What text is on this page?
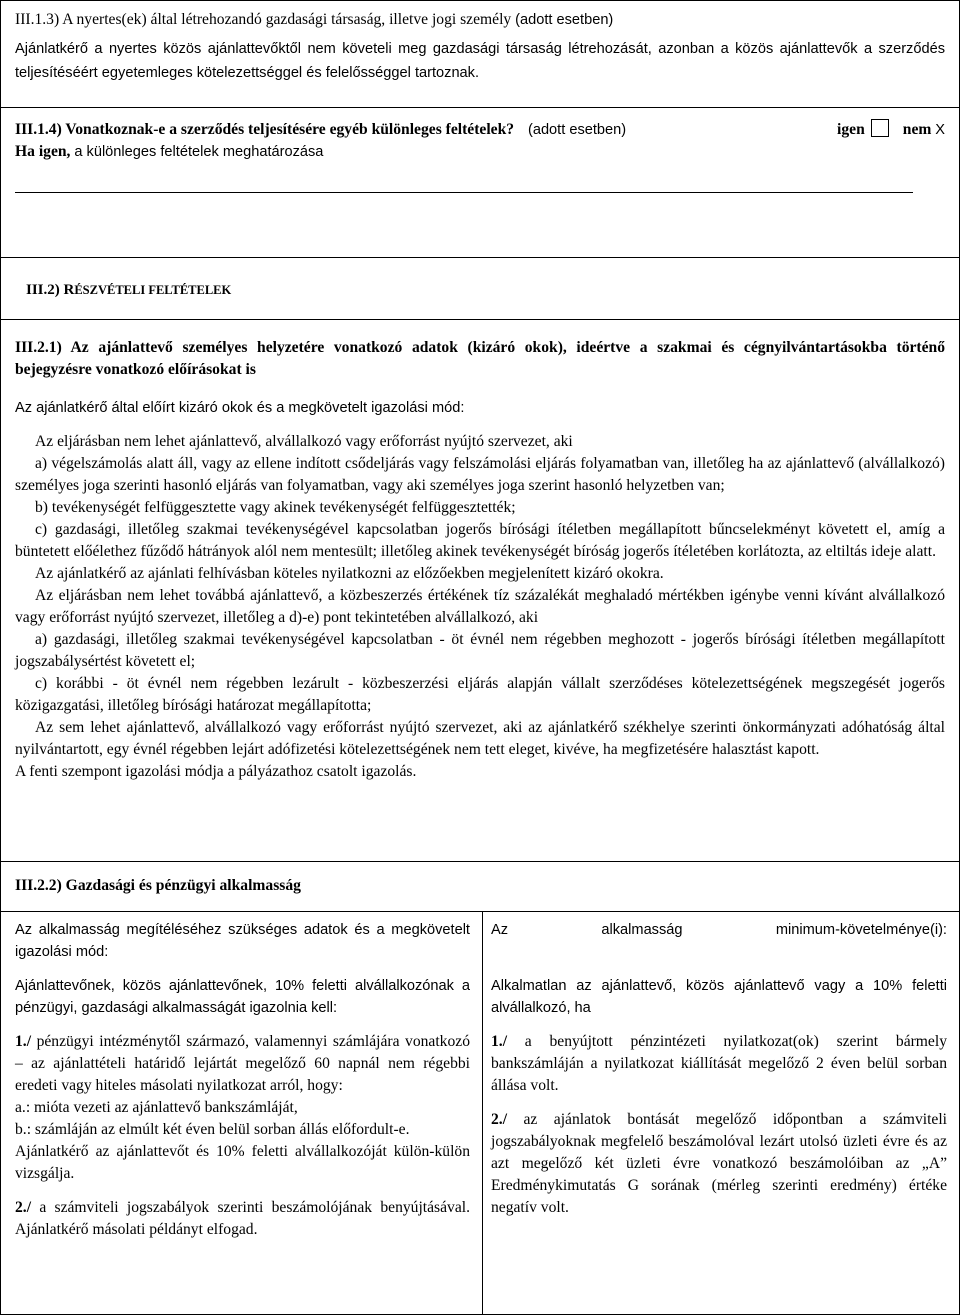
III.1.3) A nyertes(ek) által létrehozandó gazdasági társaság, illetve jogi személy (adott esetben)

Ajánlatkérő a nyertes közös ajánlattevőktől nem követeli meg gazdasági társaság létrehozását, azonban a közös ajánlattevők a szerződés teljesítéséért egyetemleges kötelezettséggel és felelősséggel tartoznak.

III.1.4) Vonatkoznak-e a szerződés teljesítésére egyéb különleges feltételek? (adott esetben)	igen nem X

Ha igen, a különleges feltételek meghatározása

III.2) RÉSZVÉTELI FELTÉTELEK

III.2.1) Az ajánlattevő személyes helyzetére vonatkozó adatok (kizáró okok), ideértve a szakmai és cégnyilvántartásokba történő bejegyzésre vonatkozó előírásokat is

Az ajánlatkérő által előírt kizáró okok és a megkövetelt igazolási mód:

Az eljárásban nem lehet ajánlattevő, alvállalkozó vagy erőforrást nyújtó szervezet, aki

a) végelszámolás alatt áll, vagy az ellene indított csődeljárás vagy felszámolási eljárás folyamatban van, illetőleg ha az ajánlattevő (alvállalkozó) személyes joga szerinti hasonló eljárás van folyamatban, vagy aki személyes joga szerint hasonló helyzetben van;

b) tevékenységét felfüggesztette vagy akinek tevékenységét felfüggesztették;

c) gazdasági, illetőleg szakmai tevékenységével kapcsolatban jogerős bírósági ítéletben megállapított bűncselekményt követett el, amíg a büntetett előélethez fűződő hátrányok alól nem mentesült; illetőleg akinek tevékenységét bíróság jogerős ítéletében korlátozta, az eltiltás ideje alatt.

Az ajánlatkérő az ajánlati felhívásban köteles nyilatkozni az előzőekben megjelenített kizáró okokra.

Az eljárásban nem lehet továbbá ajánlattevő, a közbeszerzés értékének tíz százalékát meghaladó mértékben igénybe venni kívánt alvállalkozó vagy erőforrást nyújtó szervezet, illetőleg a d)-e) pont tekintetében alvállalkozó, aki

a) gazdasági, illetőleg szakmai tevékenységével kapcsolatban - öt évnél nem régebben meghozott - jogerős bírósági ítéletben megállapított jogszabálysértést követett el;

c) korábbi - öt évnél nem régebben lezárult - közbeszerzési eljárás alapján vállalt szerződéses kötelezettségének megszegését jogerős közigazgatási, illetőleg bírósági határozat megállapította;

Az sem lehet ajánlattevő, alvállalkozó vagy erőforrást nyújtó szervezet, aki az ajánlatkérő székhelye szerinti önkormányzati adóhatóság által nyilvántartott, egy évnél régebben lejárt adófizetési kötelezettségének nem tett eleget, kivéve, ha megfizetésére halasztást kapott.

A fenti szempont igazolási módja a pályázathoz csatolt igazolás.

III.2.2) Gazdasági és pénzügyi alkalmasság

Az alkalmasság megítéléséhez szükséges adatok és a megkövetelt igazolási mód:

Ajánlattevőnek, közös ajánlattevőnek, 10% feletti alvállalkozónak a pénzügyi, gazdasági alkalmasságát igazolnia kell:

1./ pénzügyi intézménytől származó, valamennyi számlájára vonatkozó – az ajánlattételi határidő lejártát megelőző 60 napnál nem régebbi eredeti vagy hiteles másolati nyilatkozat arról, hogy:

a.: mióta vezeti az ajánlattevő bankszámláját,

b.: számláján az elmúlt két éven belül sorban állás előfordult-e.

Ajánlatkérő az ajánlattevőt és 10% feletti alvállalkozóját külön-külön vizsgálja.

2./ a számviteli jogszabályok szerinti beszámolójának benyújtásával. Ajánlatkérő másolati példányt elfogad.

Az alkalmasság minimum-követelménye(i):

Alkalmatlan az ajánlattevő, közös ajánlattevő vagy a 10% feletti alvállalkozó, ha

1./ a benyújtott pénzintézeti nyilatkozat(ok) szerint bármely bankszámláján a nyilatkozat kiállítását megelőző 2 éven belül sorban állása volt.

2./ az ajánlatok bontását megelőző időpontban a számviteli jogszabályoknak megfelelő beszámolóval lezárt utolsó üzleti évre és az azt megelőző két üzleti évre vonatkozó beszámolóiban az „A” Eredménykimutatás G sorának (mérleg szerinti eredmény) értéke negatív volt.
